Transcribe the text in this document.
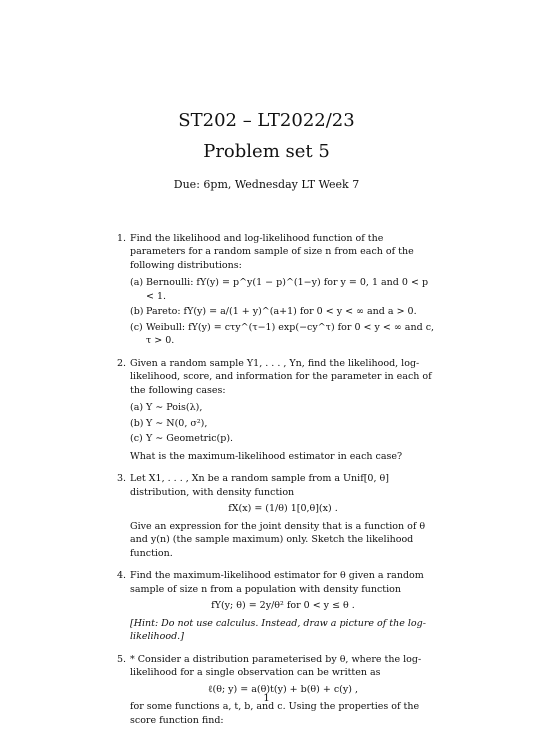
ST202 – LT2022/23
Problem set 5
Due: 6pm, Wednesday LT Week 7
1. Find the likelihood and log-likelihood function of the parameters for a random sample of size n from each of the following distributions:
(a) Bernoulli: fY(y) = p^y(1 − p)^(1−y) for y = 0, 1 and 0 < p < 1.
(b) Pareto: fY(y) = a/(1 + y)^(a+1) for 0 < y < ∞ and a > 0.
(c) Weibull: fY(y) = cτy^(τ−1) exp(−cy^τ) for 0 < y < ∞ and c, τ > 0.
2. Given a random sample Y1, . . . , Yn, find the likelihood, log-likelihood, score, and information for the parameter in each of the following cases:
(a) Y ∼ Pois(λ),
(b) Y ∼ N(0, σ²),
(c) Y ∼ Geometric(p).
What is the maximum-likelihood estimator in each case?
3. Let X1, . . . , Xn be a random sample from a Unif[0, θ] distribution, with density function
fX(x) = (1/θ) 1[0,θ](x) .
Give an expression for the joint density that is a function of θ and y(n) (the sample maximum) only. Sketch the likelihood function.
4. Find the maximum-likelihood estimator for θ given a random sample of size n from a population with density function
fY(y; θ) = 2y/θ² for 0 < y ≤ θ .
[Hint: Do not use calculus. Instead, draw a picture of the log-likelihood.]
5. * Consider a distribution parameterised by θ, where the log-likelihood for a single observation can be written as
ℓ(θ; y) = a(θ)t(y) + b(θ) + c(y) ,
for some functions a, t, b, and c. Using the properties of the score function find:
1
